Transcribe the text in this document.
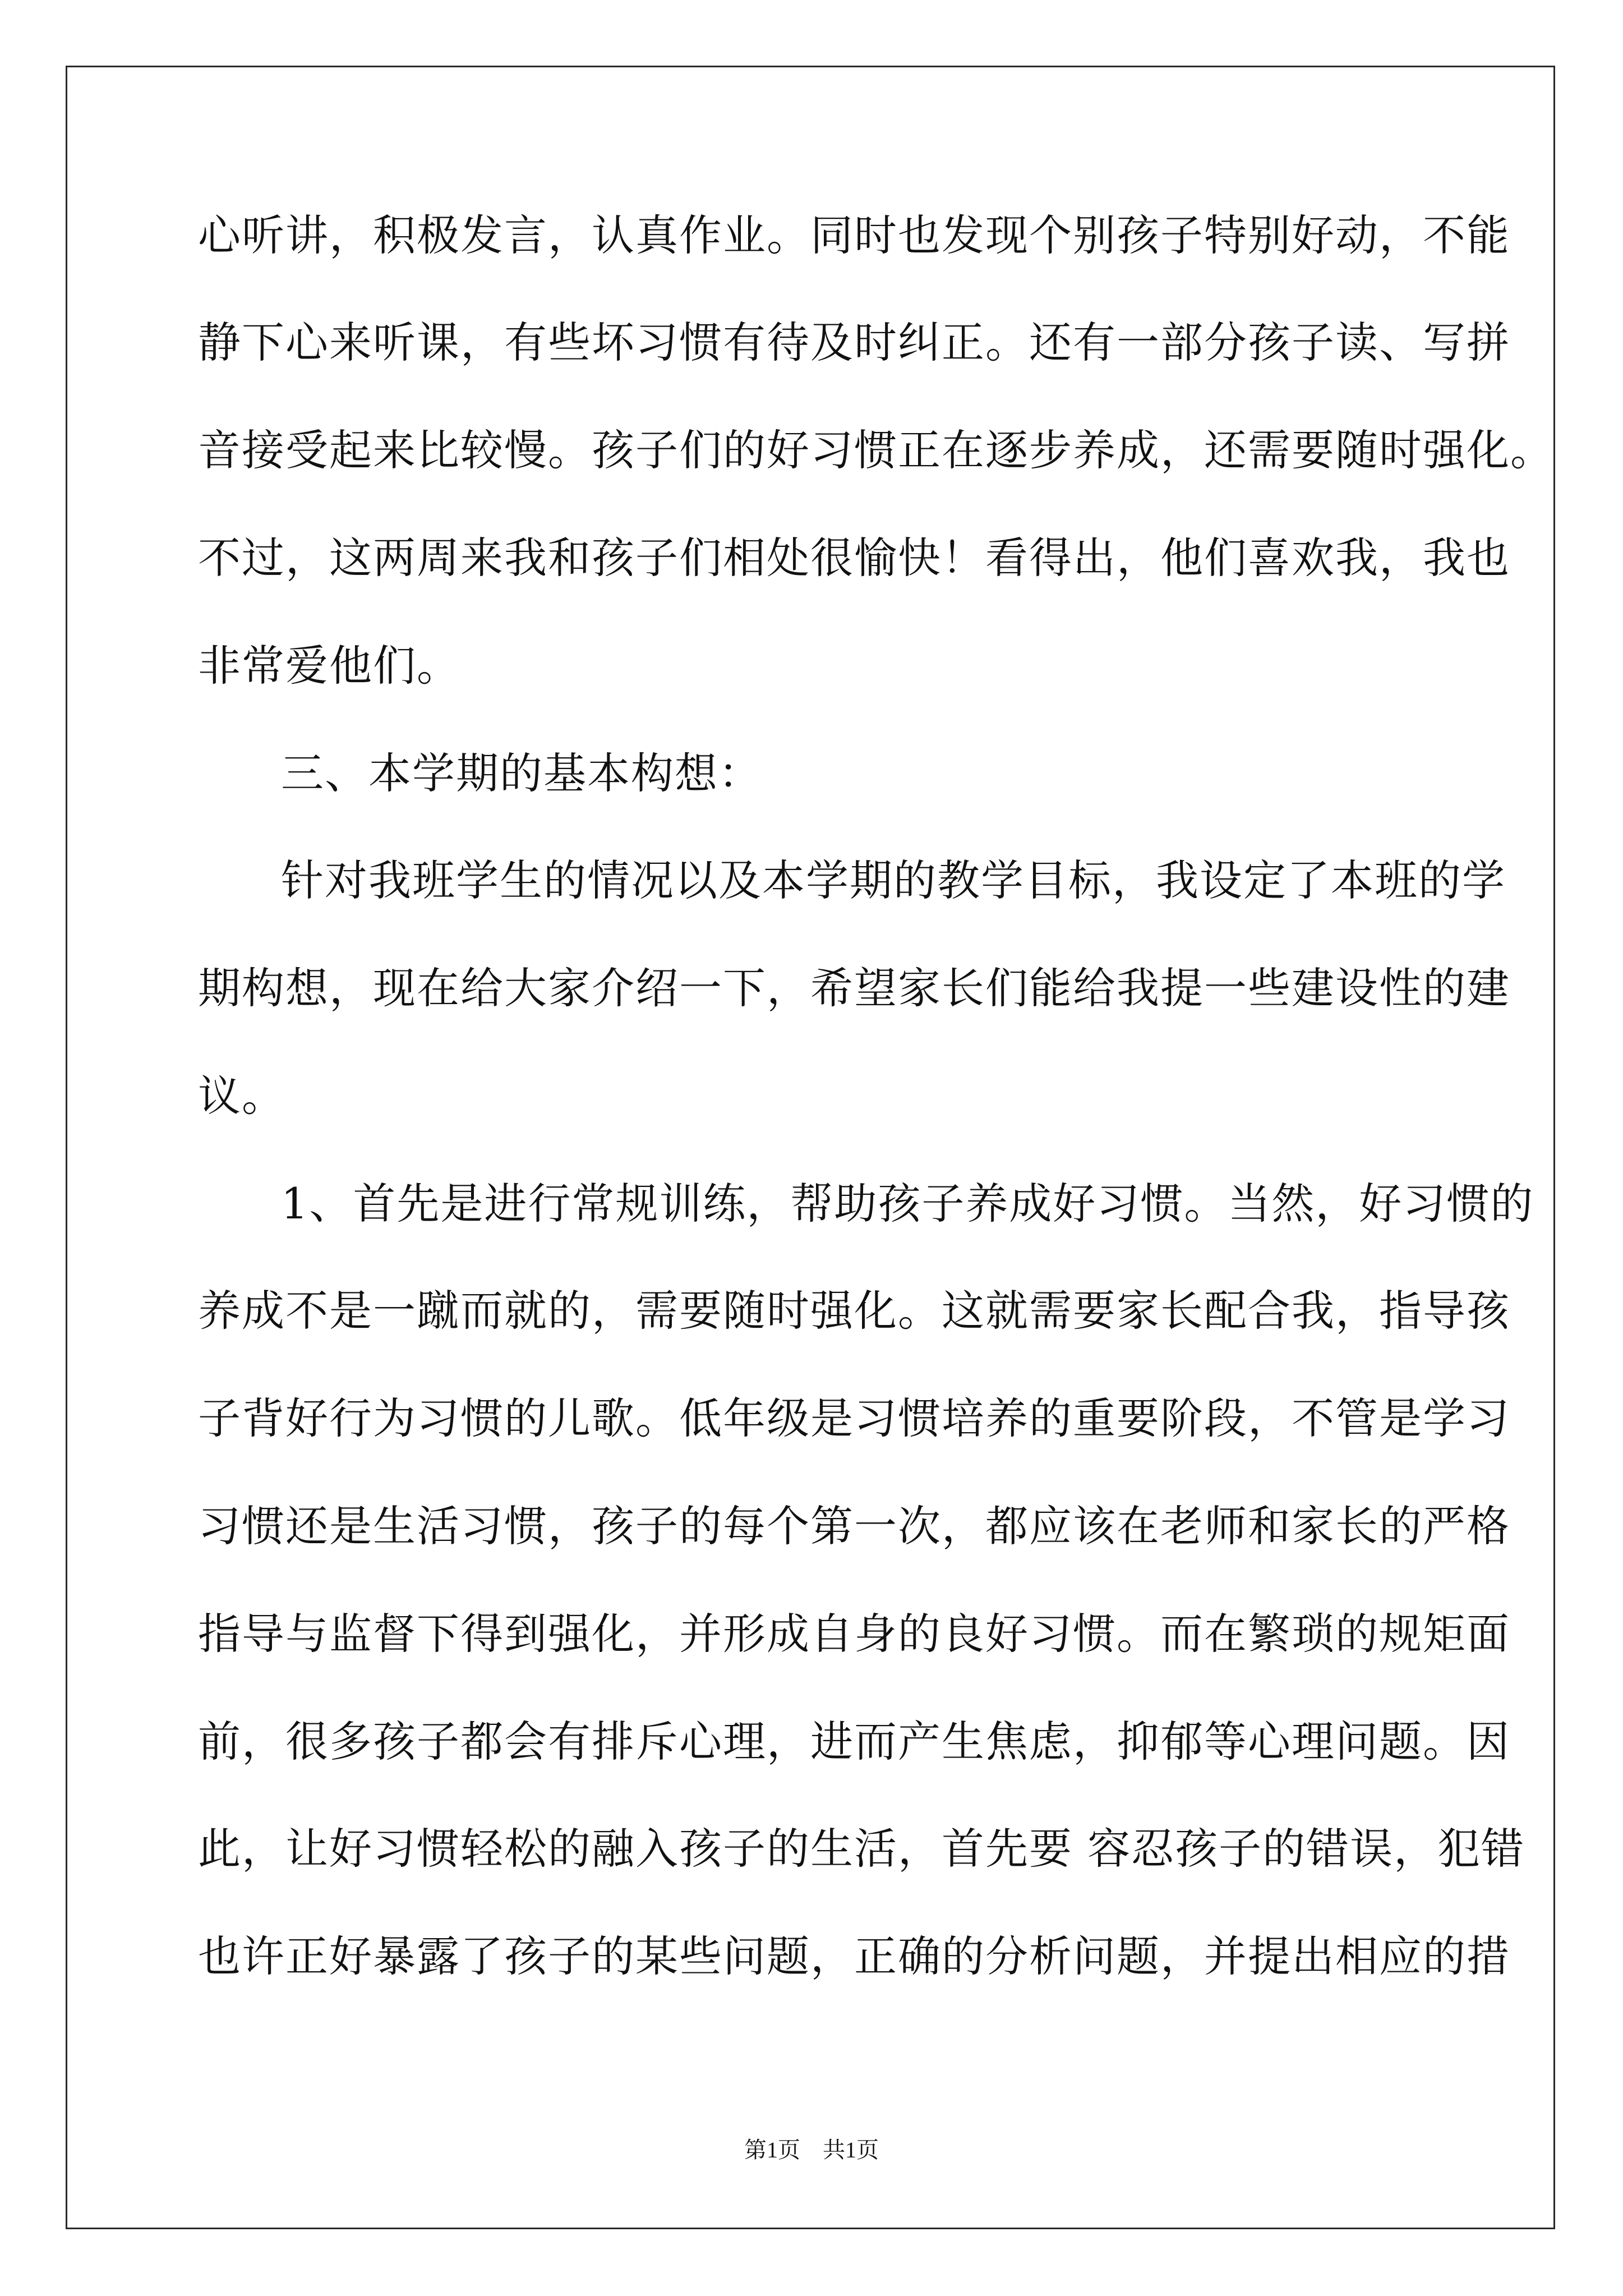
心听讲，积极发言，认真作业。同时也发现个别孩子特别好动，不能
静下心来听课，有些坏习惯有待及时纠正。还有一部分孩子读、写拼
音接受起来比较慢。孩子们的好习惯正在逐步养成，还需要随时强化。
不过，这两周来我和孩子们相处很愉快！看得出，他们喜欢我，我也
非常爱他们。
三、本学期的基本构想：
针对我班学生的情况以及本学期的教学目标，我设定了本班的学
期构想，现在给大家介绍一下，希望家长们能给我提一些建设性的建
议。
1、首先是进行常规训练，帮助孩子养成好习惯。当然，好习惯的
养成不是一蹴而就的，需要随时强化。这就需要家长配合我，指导孩
子背好行为习惯的儿歌。低年级是习惯培养的重要阶段，不管是学习
习惯还是生活习惯，孩子的每个第一次，都应该在老师和家长的严格
指导与监督下得到强化，并形成自身的良好习惯。而在繁琐的规矩面
前，很多孩子都会有排斥心理，进而产生焦虑，抑郁等心理问题。因
此，让好习惯轻松的融入孩子的生活，首先要 容忍孩子的错误，犯错
也许正好暴露了孩子的某些问题，正确的分析问题，并提出相应的措
第1页 共1页
